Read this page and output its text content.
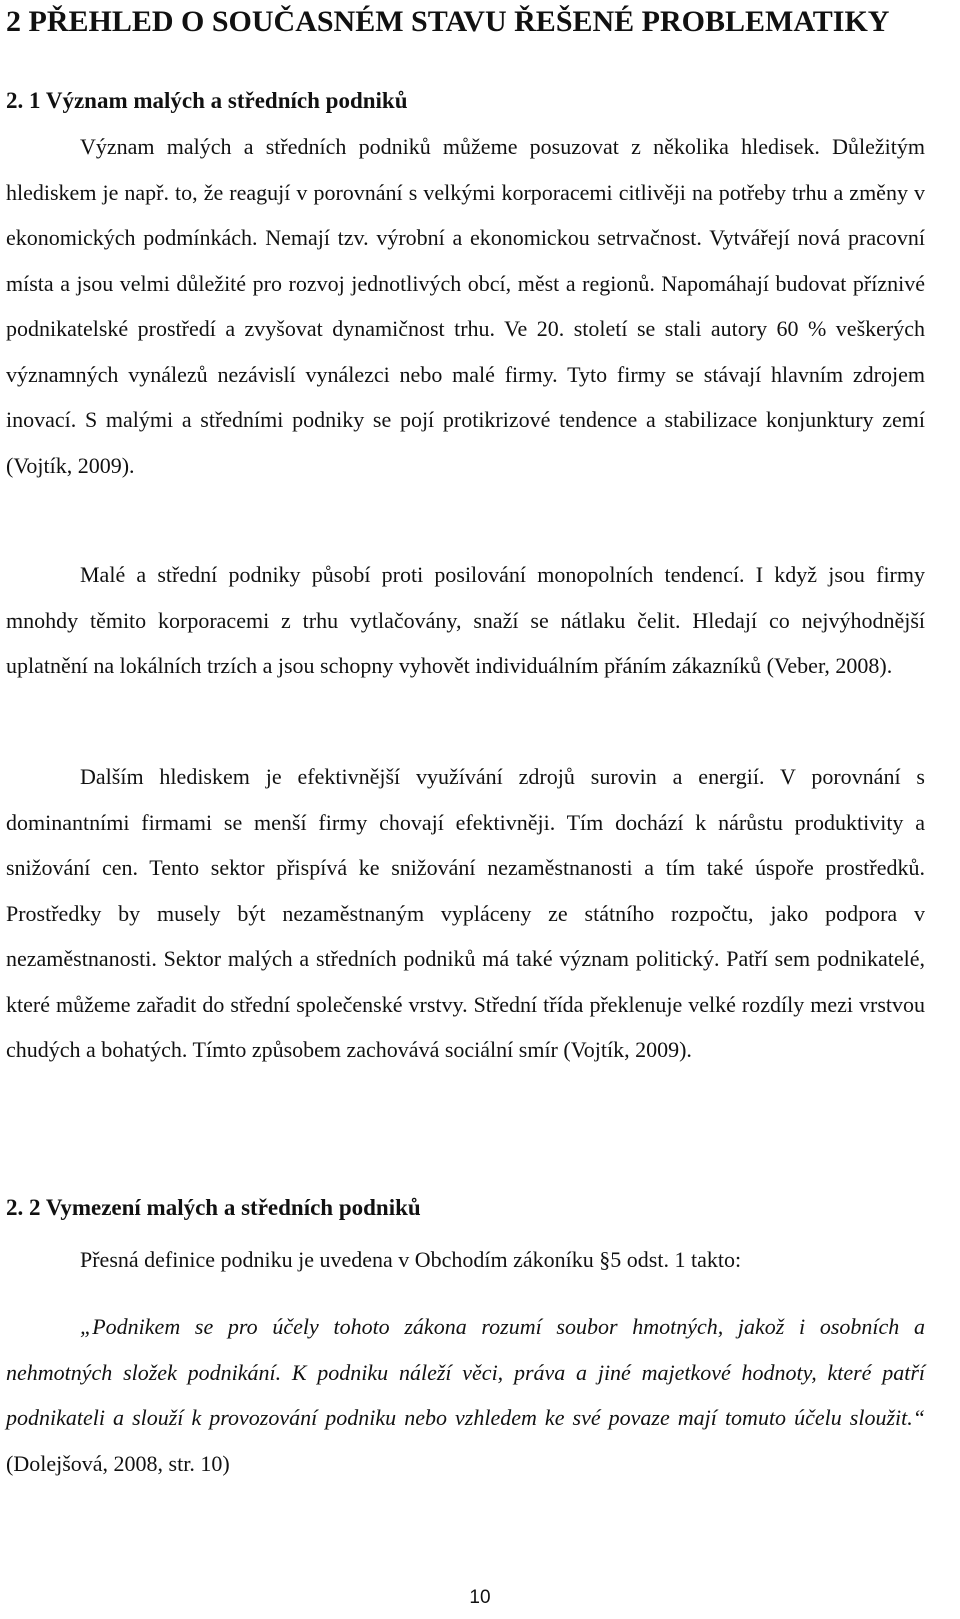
2 PŘEHLED O SOUČASNÉM STAVU ŘEŠENÉ PROBLEMATIKY
2. 1 Význam malých a středních podniků

Význam malých a středních podniků můžeme posuzovat z několika hledisek. Důležitým hlediskem je např. to, že reagují v porovnání s velkými korporacemi citlivěji na potřeby trhu a změny v ekonomických podmínkách. Nemají tzv. výrobní a ekonomickou setrvačnost. Vytvářejí nová pracovní místa a jsou velmi důležité pro rozvoj jednotlivých obcí, měst a regionů. Napomáhají budovat příznivé podnikatelské prostředí a zvyšovat dynamičnost trhu. Ve 20. století se stali autory 60 % veškerých významných vynálezů nezávislí vynálezci nebo malé firmy. Tyto firmy se stávají hlavním zdrojem inovací. S malými a středními podniky se pojí protikrizové tendence a stabilizace konjunktury zemí (Vojtík, 2009).

Malé a střední podniky působí proti posilování monopolních tendencí. I když jsou firmy mnohdy těmito korporacemi z trhu vytlačovány, snaží se nátlaku čelit. Hledají co nejvýhodnější uplatnění na lokálních trzích a jsou schopny vyhovět individuálním přáním zákazníků (Veber, 2008).

Dalším hlediskem je efektivnější využívání zdrojů surovin a energií. V porovnání s dominantními firmami se menší firmy chovají efektivněji. Tím dochází k nárůstu produktivity a snižování cen. Tento sektor přispívá ke snižování nezaměstnanosti a tím také úspoře prostředků. Prostředky by musely být nezaměstnaným vypláceny ze státního rozpočtu, jako podpora v nezaměstnanosti. Sektor malých a středních podniků má také význam politický. Patří sem podnikatelé, které můžeme zařadit do střední společenské vrstvy. Střední třída překlenuje velké rozdíly mezi vrstvou chudých a bohatých. Tímto způsobem zachovává sociální smír (Vojtík, 2009).

2. 2 Vymezení malých a středních podniků

Přesná definice podniku je uvedena v Obchodím zákoníku §5 odst. 1 takto:

„Podnikem se pro účely tohoto zákona rozumí soubor hmotných, jakož i osobních a nehmotných složek podnikání. K podniku náleží věci, práva a jiné majetkové hodnoty, které patří podnikateli a slouží k provozování podniku nebo vzhledem ke své povaze mají tomuto účelu sloužit.“ (Dolejšová, 2008, str. 10)

10
